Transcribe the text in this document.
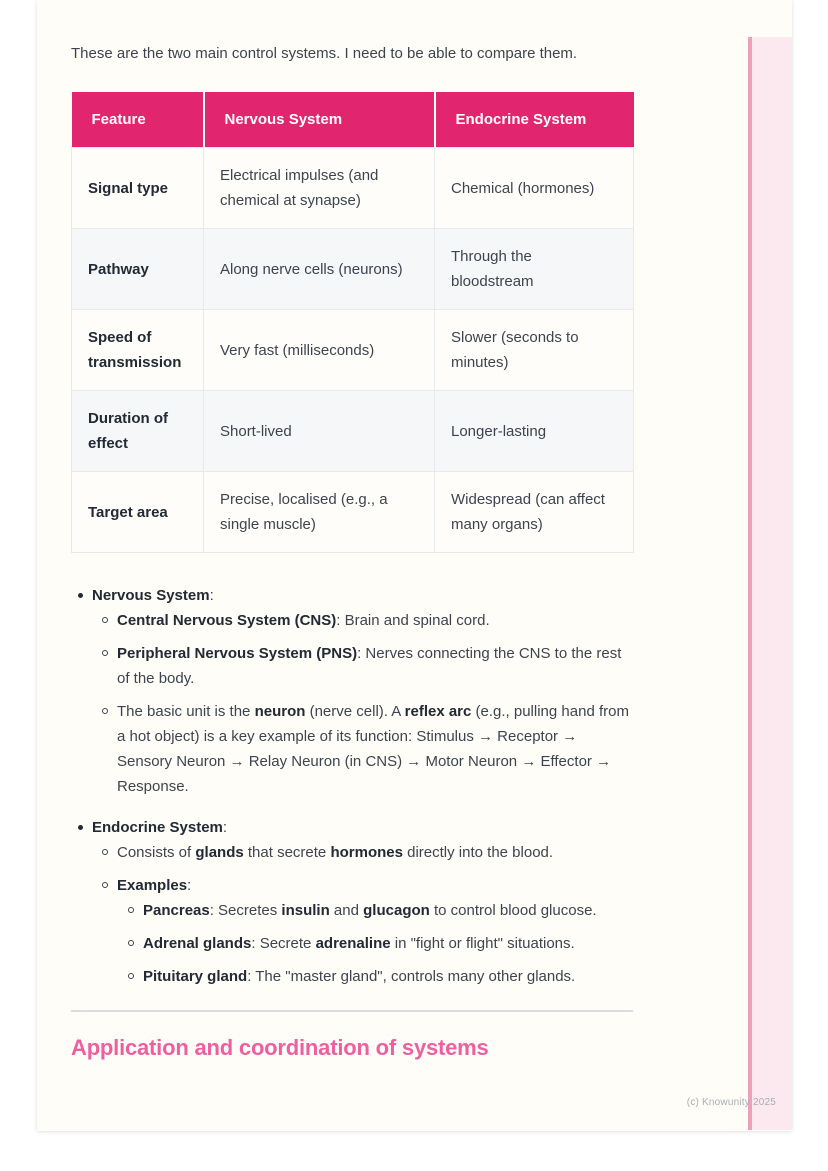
These are the two main control systems. I need to be able to compare them.

Feature	Nervous System	Endocrine System
Signal type	Electrical impulses (and chemical at synapse)	Chemical (hormones)
Pathway	Along nerve cells (neurons)	Through the bloodstream
Speed of transmission	Very fast (milliseconds)	Slower (seconds to minutes)
Duration of effect	Short-lived	Longer-lasting
Target area	Precise, localised (e.g., a single muscle)	Widespread (can affect many organs)
Nervous System:
Central Nervous System (CNS): Brain and spinal cord.
Peripheral Nervous System (PNS): Nerves connecting the CNS to the rest of the body.
The basic unit is the neuron (nerve cell). A reflex arc (e.g., pulling hand from a hot object) is a key example of its function: Stimulus → Receptor → Sensory Neuron → Relay Neuron (in CNS) → Motor Neuron → Effector → Response.
Endocrine System:
Consists of glands that secrete hormones directly into the blood.
Examples:
Pancreas: Secretes insulin and glucagon to control blood glucose.
Adrenal glands: Secrete adrenaline in "fight or flight" situations.
Pituitary gland: The "master gland", controls many other glands.
Application and coordination of systems
(c) Knowunity 2025
